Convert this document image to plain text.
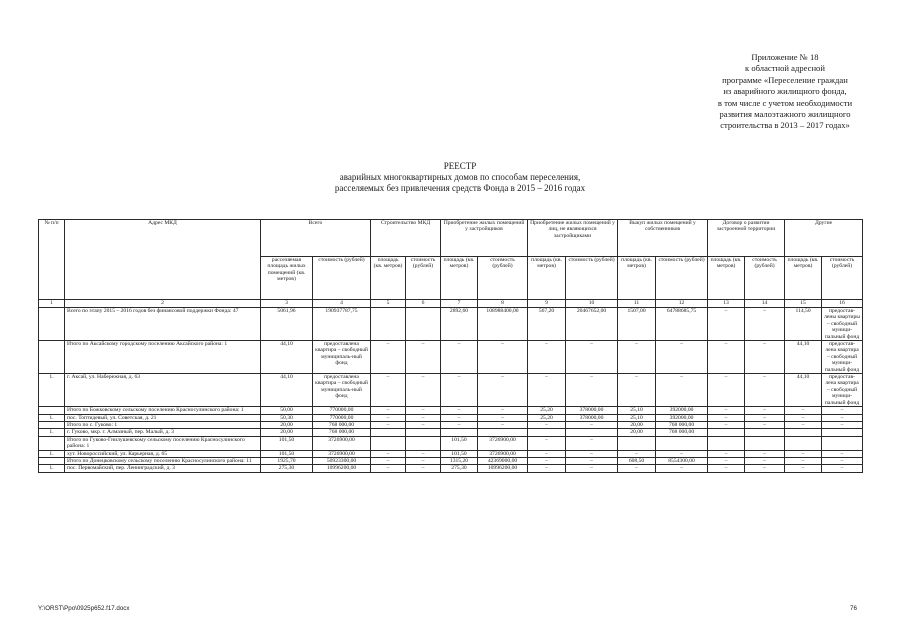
Приложение № 18
к областной адресной
программе «Переселение граждан
из аварийного жилищного фонда,
в том числе с учетом необходимости
развития малоэтажного жилищного
строительства в 2013 – 2017 годах»
РЕЕСТР
аварийных многоквартирных домов по способам переселения,
расселяемых без привлечения средств Фонда в 2015 – 2016 годах
№ п/п	Адрес МКД	Всего		Строительство МКД		Приобретение жилых помещений у застройщиков		Приобретение жилых помещений у лиц, не являющихся застройщиками		Выкуп жилых помещений у собственников		Договор о развитии застроенной территории		Другие	
		расселяемая площадь жилых помещений (кв. метров)	стоимость (рублей)	площадь (кв. метров)	стоимость (рублей)	площадь (кв. метров)	стоимость (рублей)	площадь (кв. метров)	стоимость (рублей)	площадь (кв. метров)	стоимость (рублей)	площадь (кв. метров)	стоимость (рублей)	площадь (кв. метров)	стоимость (рублей)
1	2	3	4	5	6	7	8	9	10	11	12	13	14	15	16
	Всего по этапу 2015 – 2016 годов без финансовой поддержки Фонда: 47	5061,96	190937787,75			2892,60	108988400,00	567,20	20467652,00	1507,00	64788685,75	–	–	114,50	предостав-лены квартиры – свободный муници-пальный фонд
	Итого по Аксайскому городскому поселению Аксайского района: 1	44,10	предоставлена квартира – свободный муниципаль-ный фонд	–	–	–	–	–	–	–	–	–	–	44,10	предостав-лена квартира – свободный муници-пальный фонд
1.	г. Аксай, ул. Набережная, д. 63	44,10	предоставлена квартира – свободный муниципаль-ный фонд	–	–	–	–	–	–	–	–	–	–	44,10	предостав-лена квартира – свободный муници-пальный фонд
	Итого по Божковскому сельскому поселению Красносулинского района: 1	50,00	770000,00	–	–	–	–	25,20	378000,00	25,10	392000,00	–	–	–	–
1.	пос. Топтидевый, ул. Советская, д. 21	50,30	770000,00	–	–	–	–	25,20	378000,00	25,10	392000,00	–	–	–	–
	Итого по с. Гуково: 1	20,00	768 000,00	–	–	–	–	–	–	20,00	768 000,00	–	–	–	–
1.	г. Гуково, мкр. г. Алмазный, пер. Малый, д. 3	20,00	768 000,00							20,00	768 000,00				
	Итого по Гуково-Гнилушевскому сельскому поселению Красносулинского района: 1	101,50	3726900,00			101,50	3726900,00	–	–						
1.	хут. Новороссийский, ул. Карьерная, д. 65	101,50	3726900,00	–	–	101,50	3726900,00	–	–	–	–	–	–	–	–
	Итого по Донецковскому сельскому поселению Красносулинского района: 11	1925,70	50923300,00	–	–	1315,20	42369000,00	–	–	608,50	8554300,00	–	–	–	–
1.	пос. Первомайский, пер. Ленинградский, д. 3	275,30	10996200,00	–	–	275,30	10996200,00	–	–	–	–	–	–	–	–
Y:\ORST\Ppo\0925p652.f17.docx	76
